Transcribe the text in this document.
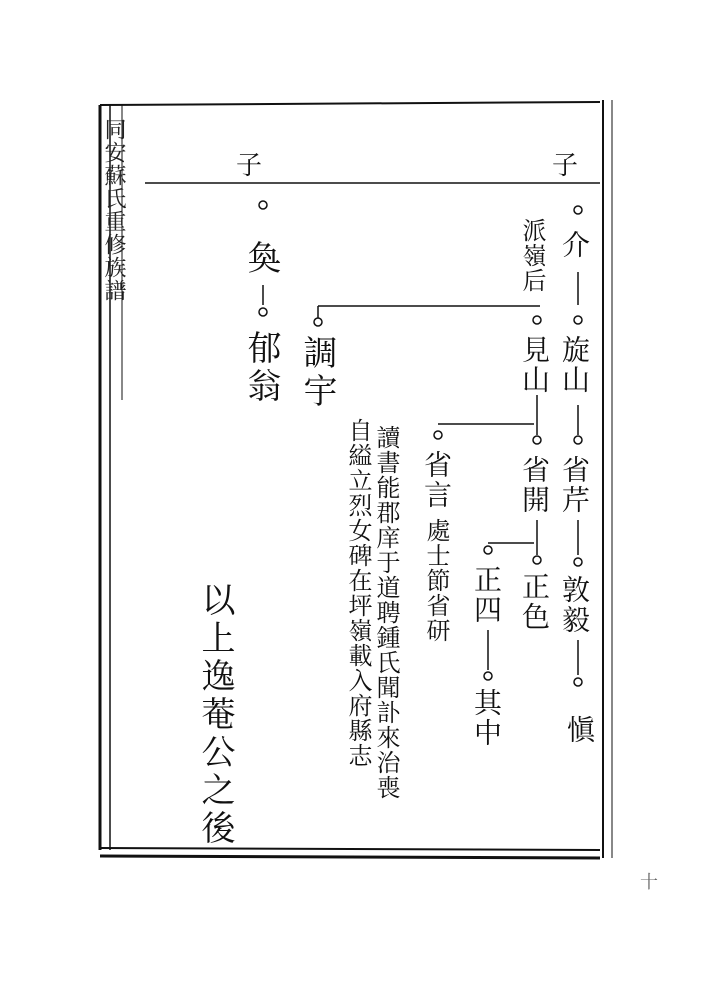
同安蘇氏重修族譜	子	子
介
旋山
省芹
敦毅
愼
派嶺后
見山
省開
正色
正四
其中
省言
處士節省研
讀書能郡庠于道聘鍾氏聞訃來治喪
自縊立烈女碑在坪嶺載入府縣志
奐
郁翁 調宇
以上逸菴公之後
十
